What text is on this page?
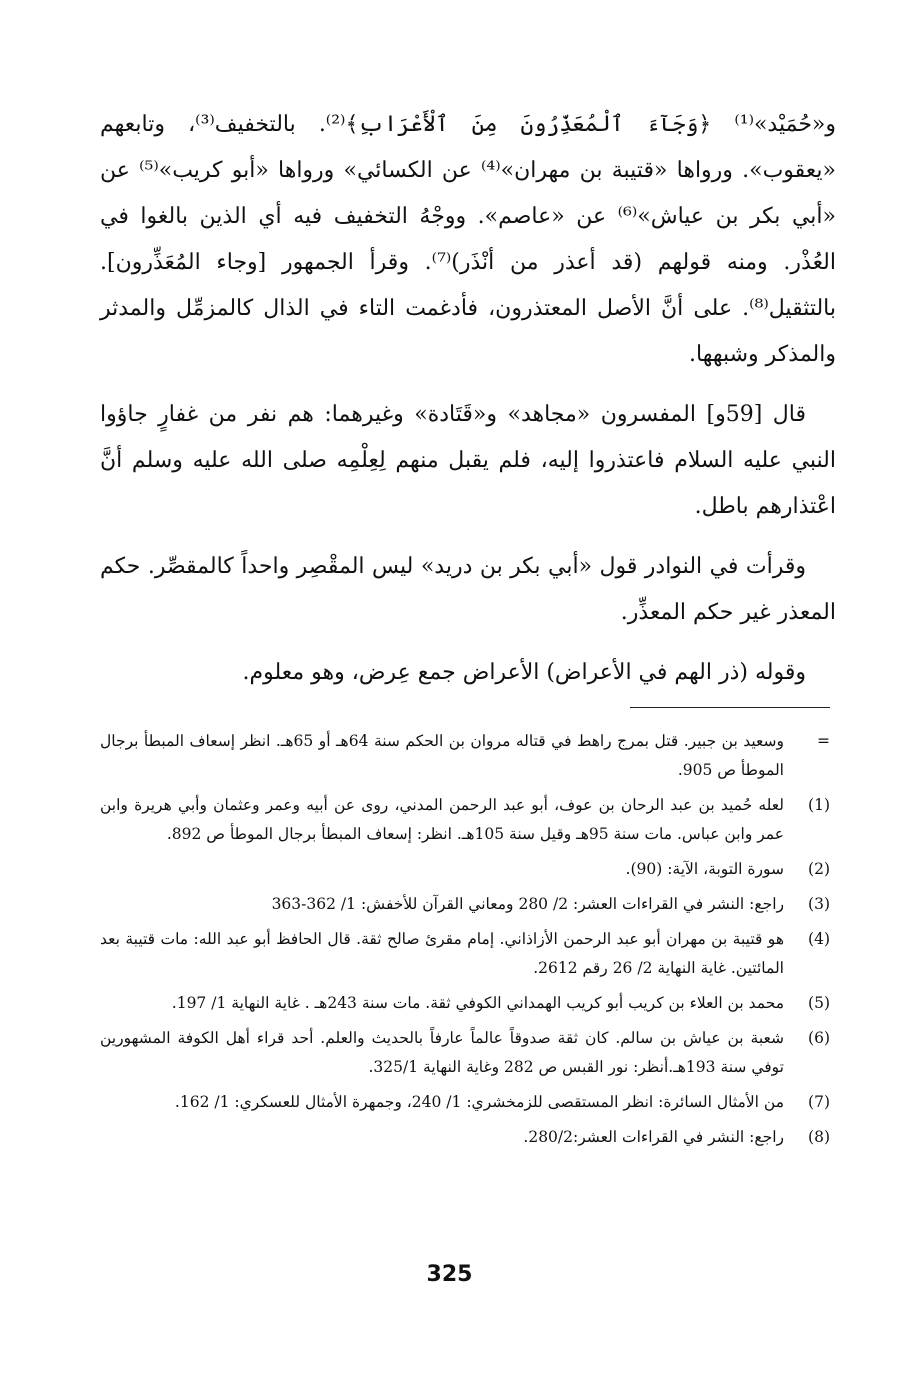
و«حُمَيْد»⁽¹⁾ ﴿وَجَآءَ ٱلْمُعَذِّرُونَ مِنَ ٱلْأَعْرَابِ﴾⁽²⁾. بالتخفيف⁽³⁾، وتابعهم «يعقوب». ورواها «قتيبة بن مهران»⁽⁴⁾ عن الكسائي» ورواها «أبو كريب»⁽⁵⁾ عن «أبي بكر بن عياش»⁽⁶⁾ عن «عاصم». ووجْهُ التخفيف فيه أي الذين بالغوا في العُذْر. ومنه قولهم (قد أعذر من أنْذَر)⁽⁷⁾. وقرأ الجمهور [وجاء المُعَذِّرون]. بالتثقيل⁽⁸⁾. على أنَّ الأصل المعتذرون، فأدغمت التاء في الذال كالمزمِّل والمدثر والمذكر وشبهها.

قال [59و] المفسرون «مجاهد» و«قَتَادة» وغيرهما: هم نفر من غفارٍ جاؤوا النبي عليه السلام فاعتذروا إليه، فلم يقبل منهم لِعِلْمِه صلى الله عليه وسلم أنَّ اعْتذارهم باطل.

وقرأت في النوادر قول «أبي بكر بن دريد» ليس المقْصِر واحداً كالمقصِّر. حكم المعذر غير حكم المعذِّر.

وقوله (ذر الهم في الأعراض) الأعراض جمع عِرض، وهو معلوم.

=
وسعيد بن جبير. قتل بمرج راهط في قتاله مروان بن الحكم سنة 64هـ أو 65هـ. انظر إسعاف المبطأ برجال الموطأ ص 905.
(1)
لعله حُميد بن عبد الرحان بن عوف، أبو عبد الرحمن المدني، روى عن أبيه وعمر وعثمان وأبي هريرة وابن عمر وابن عباس. مات سنة 95هـ وقيل سنة 105هـ. انظر: إسعاف المبطأ برجال الموطأ ص 892.
(2)
سورة التوبة، الآية: (90).
(3)
راجع: النشر في القراءات العشر: 2/ 280 ومعاني القرآن للأخفش: 1/ 362-363
(4)
هو قتيبة بن مهران أبو عبد الرحمن الأزاذاني. إمام مقرئ صالح ثقة. قال الحافظ أبو عبد الله: مات قتيبة بعد المائتين. غاية النهاية 2/ 26 رقم 2612.
(5)
محمد بن العلاء بن كريب أبو كريب الهمداني الكوفي ثقة. مات سنة 243هـ . غاية النهاية 1/ 197.
(6)
شعبة بن عياش بن سالم. كان ثقة صدوقاً عالماً عارفاً بالحديث والعلم. أحد قراء أهل الكوفة المشهورين توفي سنة 193هـ.أنظر: نور القبس ص 282 وغاية النهاية 325/1.
(7)
من الأمثال السائرة: انظر المستقصى للزمخشري: 1/ 240، وجمهرة الأمثال للعسكري: 1/ 162.
(8)
راجع: النشر في القراءات العشر:280/2.
325
